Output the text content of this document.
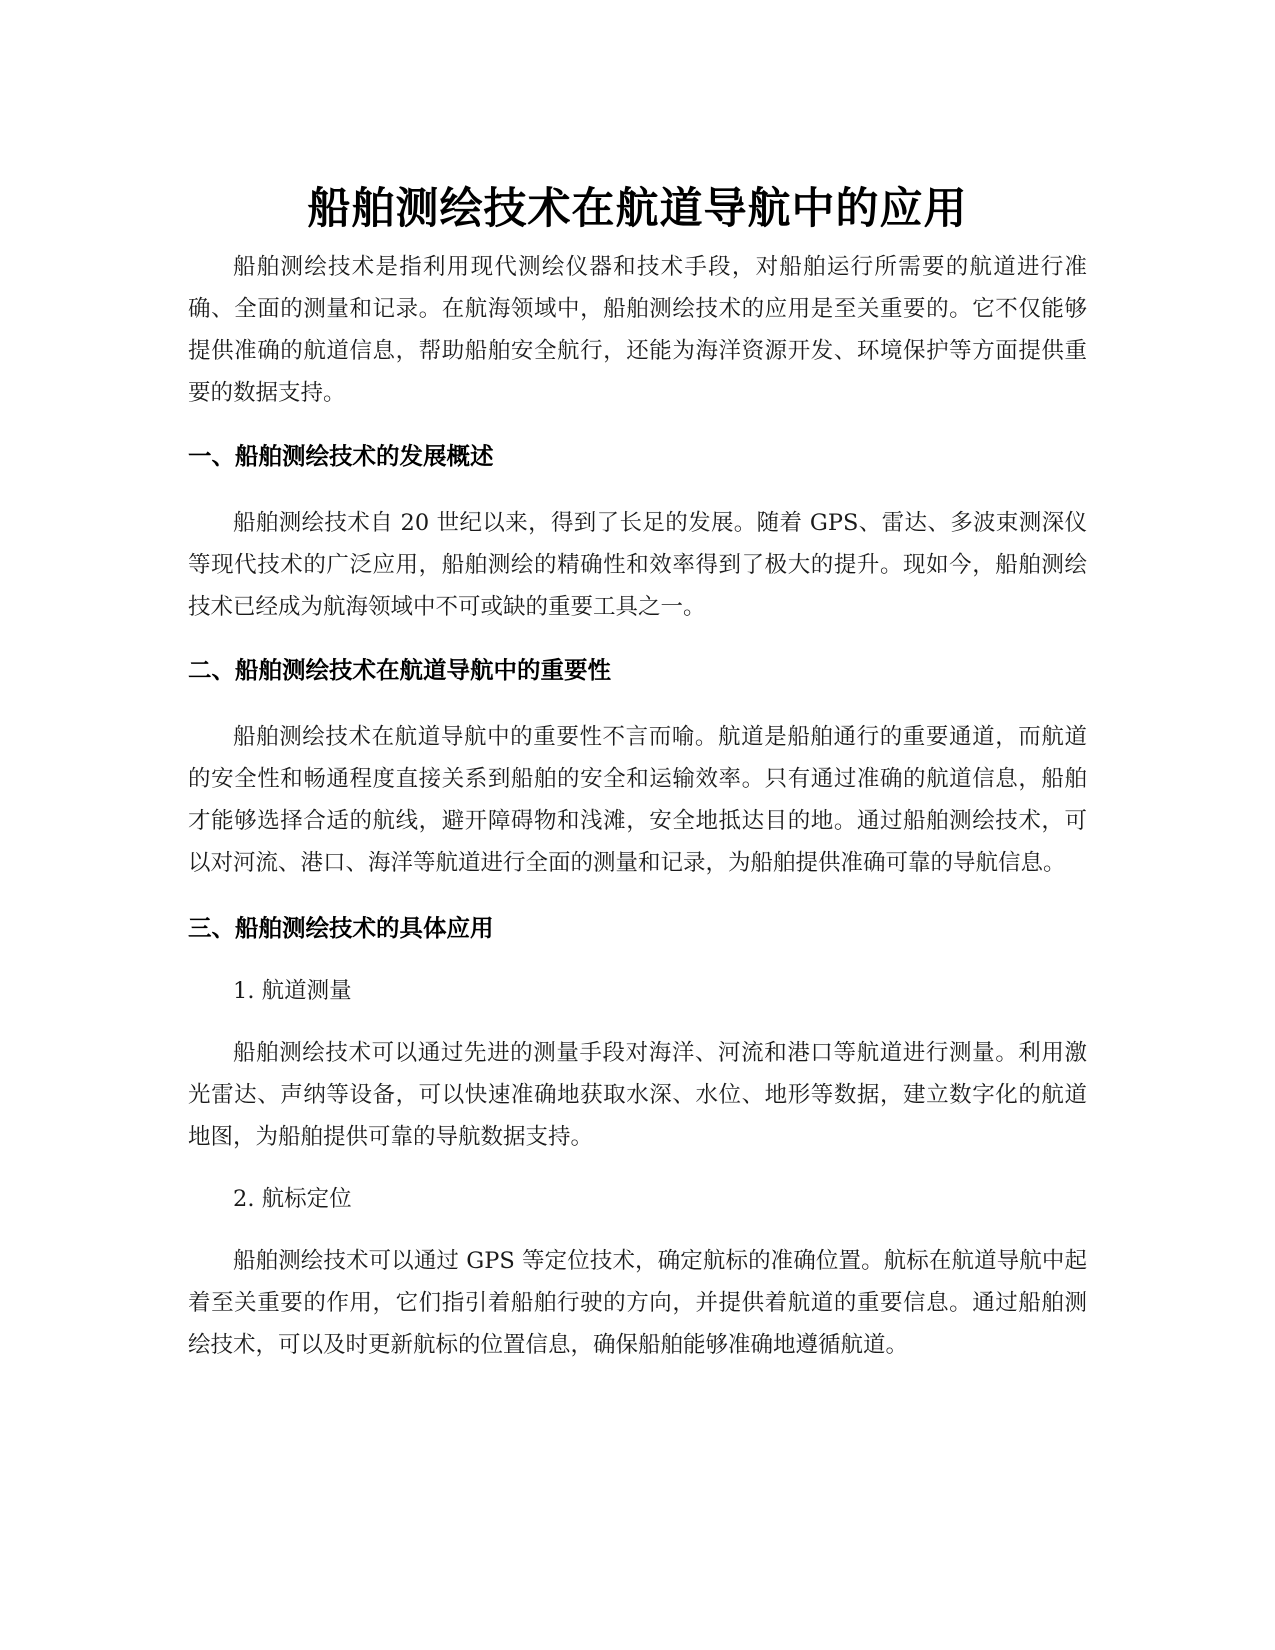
船舶测绘技术在航道导航中的应用

船舶测绘技术是指利用现代测绘仪器和技术手段，对船舶运行所需要的航道进行准确、全面的测量和记录。在航海领域中，船舶测绘技术的应用是至关重要的。它不仅能够提供准确的航道信息，帮助船舶安全航行，还能为海洋资源开发、环境保护等方面提供重要的数据支持。

一、船舶测绘技术的发展概述

船舶测绘技术自 20 世纪以来，得到了长足的发展。随着 GPS、雷达、多波束测深仪等现代技术的广泛应用，船舶测绘的精确性和效率得到了极大的提升。现如今，船舶测绘技术已经成为航海领域中不可或缺的重要工具之一。

二、船舶测绘技术在航道导航中的重要性

船舶测绘技术在航道导航中的重要性不言而喻。航道是船舶通行的重要通道，而航道的安全性和畅通程度直接关系到船舶的安全和运输效率。只有通过准确的航道信息，船舶才能够选择合适的航线，避开障碍物和浅滩，安全地抵达目的地。通过船舶测绘技术，可以对河流、港口、海洋等航道进行全面的测量和记录，为船舶提供准确可靠的导航信息。

三、船舶测绘技术的具体应用

1. 航道测量

船舶测绘技术可以通过先进的测量手段对海洋、河流和港口等航道进行测量。利用激光雷达、声纳等设备，可以快速准确地获取水深、水位、地形等数据，建立数字化的航道地图，为船舶提供可靠的导航数据支持。

2. 航标定位

船舶测绘技术可以通过 GPS 等定位技术，确定航标的准确位置。航标在航道导航中起着至关重要的作用，它们指引着船舶行驶的方向，并提供着航道的重要信息。通过船舶测绘技术，可以及时更新航标的位置信息，确保船舶能够准确地遵循航道。
